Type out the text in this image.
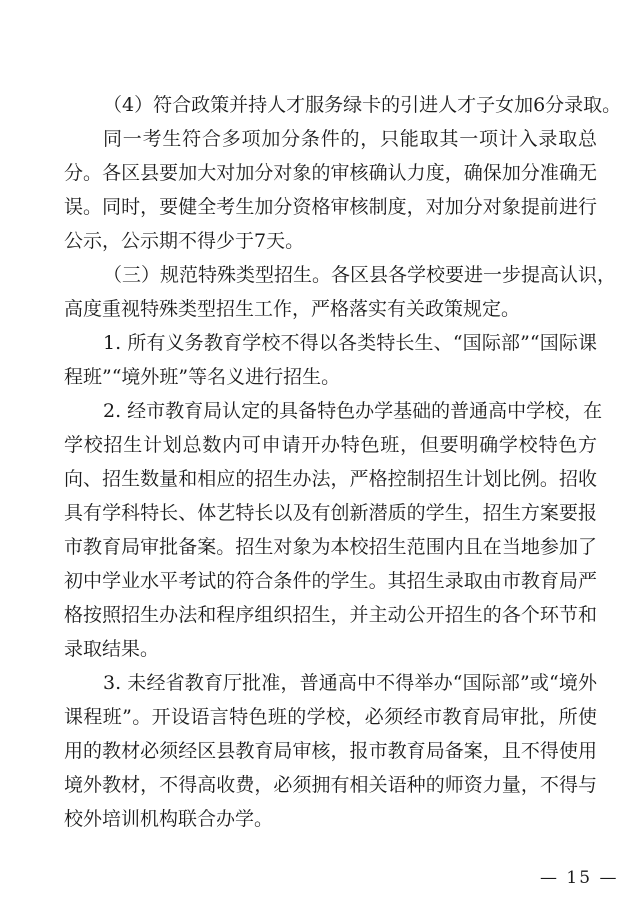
（4）符合政策并持人才服务绿卡的引进人才子女加6分录取。
同一考生符合多项加分条件的，只能取其一项计入录取总
分。各区县要加大对加分对象的审核确认力度，确保加分准确无
误。同时，要健全考生加分资格审核制度，对加分对象提前进行
公示，公示期不得少于7天。
（三）规范特殊类型招生。各区县各学校要进一步提高认识，
高度重视特殊类型招生工作，严格落实有关政策规定。
1. 所有义务教育学校不得以各类特长生、“国际部”“国际课
程班”“境外班”等名义进行招生。
2. 经市教育局认定的具备特色办学基础的普通高中学校，在
学校招生计划总数内可申请开办特色班，但要明确学校特色方
向、招生数量和相应的招生办法，严格控制招生计划比例。招收
具有学科特长、体艺特长以及有创新潜质的学生，招生方案要报
市教育局审批备案。招生对象为本校招生范围内且在当地参加了
初中学业水平考试的符合条件的学生。其招生录取由市教育局严
格按照招生办法和程序组织招生，并主动公开招生的各个环节和
录取结果。
3. 未经省教育厅批准，普通高中不得举办“国际部”或“境外
课程班”。开设语言特色班的学校，必须经市教育局审批，所使
用的教材必须经区县教育局审核，报市教育局备案，且不得使用
境外教材，不得高收费，必须拥有相关语种的师资力量，不得与
校外培训机构联合办学。
— 15 —
